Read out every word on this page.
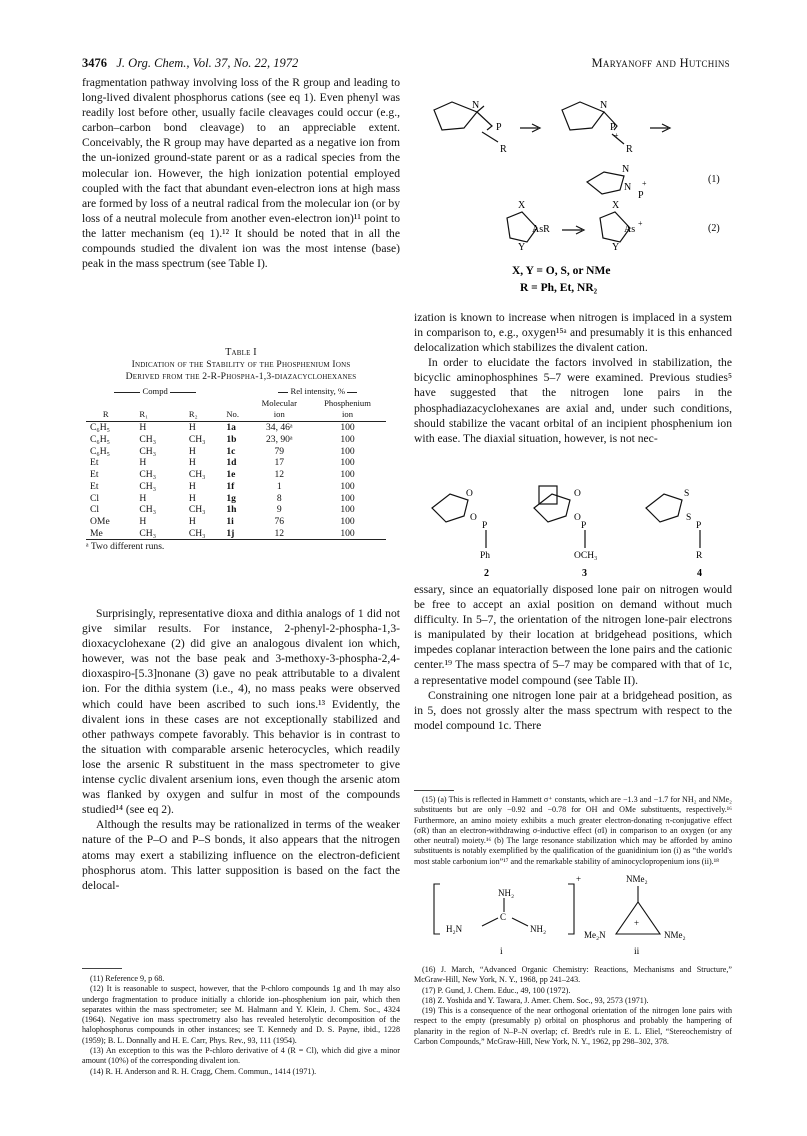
3476 J. Org. Chem., Vol. 37, No. 22, 1972	Maryanoff and Hutchins

fragmentation pathway involving loss of the R group and leading to long-lived divalent phosphorus cations (see eq 1). Even phenyl was readily lost before other, usually facile cleavages could occur (e.g., carbon–carbon bond cleavage) to an appreciable extent. Conceivably, the R group may have departed as a negative ion from the un-ionized ground-state parent or as a radical species from the molecular ion. However, the high ionization potential employed coupled with the fact that abundant even-electron ions at high mass are formed by loss of a neutral radical from the molecular ion (or by loss of a neutral molecule from another even-electron ion)¹¹ point to the latter mechanism (eq 1).¹² It should be noted that in all the compounds studied the divalent ion was the most intense (base) peak in the mass spectrum (see Table I).

Table I
Indication of the Stability of the Phosphenium Ions
Derived from the 2-R-Phospha-1,3-diazacyclohexanes
Compd				Rel intensity, %	
				Molecular	Phosphenium
R	R₁	R₂	No.	ion	ion
C₆H₅	H	H	1a	34, 46ᵃ	100
C₆H₅	CH₃	CH₃	1b	23, 90ᵃ	100
C₆H₅	CH₃	H	1c	79	100
Et	H	H	1d	17	100
Et	CH₃	CH₃	1e	12	100
Et	CH₃	H	1f	1	100
Cl	H	H	1g	8	100
Cl	CH₃	CH₃	1h	9	100
OMe	H	H	1i	76	100
Me	CH₃	CH₃	1j	12	100
ᵃ Two different runs.

Surprisingly, representative dioxa and dithia analogs of 1 did not give similar results. For instance, 2-phenyl-2-phospha-1,3-dioxacyclohexane (2) did give an analogous divalent ion which, however, was not the base peak and 3-methoxy-3-phospha-2,4-dioxaspiro-[5.3]nonane (3) gave no peak attributable to a divalent ion. For the dithia system (i.e., 4), no mass peaks were observed which could have been ascribed to such ions.¹³ Evidently, the divalent ions in these cases are not exceptionally stabilized and other pathways compete favorably. This behavior is in contrast to the situation with comparable arsenic heterocycles, which readily lose the arsenic R substituent in the mass spectrometer to give intense cyclic divalent arsenium ions, even though the arsenic atom was flanked by oxygen and sulfur in most of the compounds studied¹⁴ (see eq 2).

Although the results may be rationalized in terms of the weaker nature of the P–O and P–S bonds, it also appears that the nitrogen atoms may exert a stabilizing influence on the electron-deficient phosphorus atom. This latter supposition is based on the fact the delocal-

(11) Reference 9, p 68.

(12) It is reasonable to suspect, however, that the P-chloro compounds 1g and 1h may also undergo fragmentation to produce initially a chloride ion–phosphenium ion pair, which then separates within the mass spectrometer; see M. Halmann and Y. Klein, J. Chem. Soc., 4324 (1964). Negative ion mass spectrometry also has revealed heterolytic decomposition of the halophosphorus compounds in other instances; see T. Kennedy and D. S. Payne, ibid., 1228 (1959); B. L. Donnally and H. E. Carr, Phys. Rev., 93, 111 (1954).

(13) An exception to this was the P-chloro derivative of 4 (R = Cl), which did give a minor amount (10%) of the corresponding divalent ion.

(14) R. H. Anderson and R. H. Cragg, Chem. Commun., 1414 (1971).

N
P
R
N
P
+
R
N
N
P
+	(1)
X
AsR
Y
X
As
+
Y
(2)
X, Y = O, S, or NMe
R = Ph, Et, NR₂

ization is known to increase when nitrogen is implaced in a system in comparison to, e.g., oxygen¹⁵ᵃ and presumably it is this enhanced delocalization which stabilizes the divalent cation.

In order to elucidate the factors involved in stabilization, the bicyclic aminophosphines 5–7 were examined. Previous studies⁵ have suggested that the nitrogen lone pairs in the phosphadiazacyclohexanes are axial and, under such conditions, should stabilize the vacant orbital of an incipient phosphenium ion with ease. The diaxial situation, however, is not nec-

O
O
P
O
O
P
S
S
P
Ph	OCH₃	R
2	3	4

essary, since an equatorially disposed lone pair on nitrogen would be free to accept an axial position on demand without much difficulty. In 5–7, the orientation of the nitrogen lone-pair electrons is manipulated by their location at bridgehead positions, which impedes coplanar interaction between the lone pairs and the cationic center.¹⁹ The mass spectra of 5–7 may be compared with that of 1c, a representative model compound (see Table II).

Constraining one nitrogen lone pair at a bridgehead position, as in 5, does not grossly alter the mass spectrum with respect to the model compound 1c. There

(15) (a) This is reflected in Hammett σ⁺ constants, which are −1.3 and −1.7 for NH₂ and NMe₂ substituents but are only −0.92 and −0.78 for OH and OMe substituents, respectively.¹⁶ Furthermore, an amino moiety exhibits a much greater electron-donating π-conjugative effect (σR) than an electron-withdrawing σ-inductive effect (σI) in comparison to an oxygen (or any other neutral) moiety.¹⁶ (b) The large resonance stabilization which may be afforded by amino substituents is notably exemplified by the qualification of the guanidinium ion (i) as “the world's most stable carbonium ion”¹⁷ and the remarkable stability of aminocyclopropenium ions (ii).¹⁸

NH₂
C
H₂N	NH₂
+
i
NMe₂
+
Me₂N	NMe₂
ii

(16) J. March, “Advanced Organic Chemistry: Reactions, Mechanisms and Structure,” McGraw-Hill, New York, N. Y., 1968, pp 241–243.

(17) P. Gund, J. Chem. Educ., 49, 100 (1972).

(18) Z. Yoshida and Y. Tawara, J. Amer. Chem. Soc., 93, 2573 (1971).

(19) This is a consequence of the near orthogonal orientation of the nitrogen lone pairs with respect to the empty (presumably p) orbital on phosphorus and probably the hampering of planarity in the region of N–P–N overlap; cf. Bredt's rule in E. L. Eliel, “Stereochemistry of Carbon Compounds,” McGraw-Hill, New York, N. Y., 1962, pp 298–302, 378.
